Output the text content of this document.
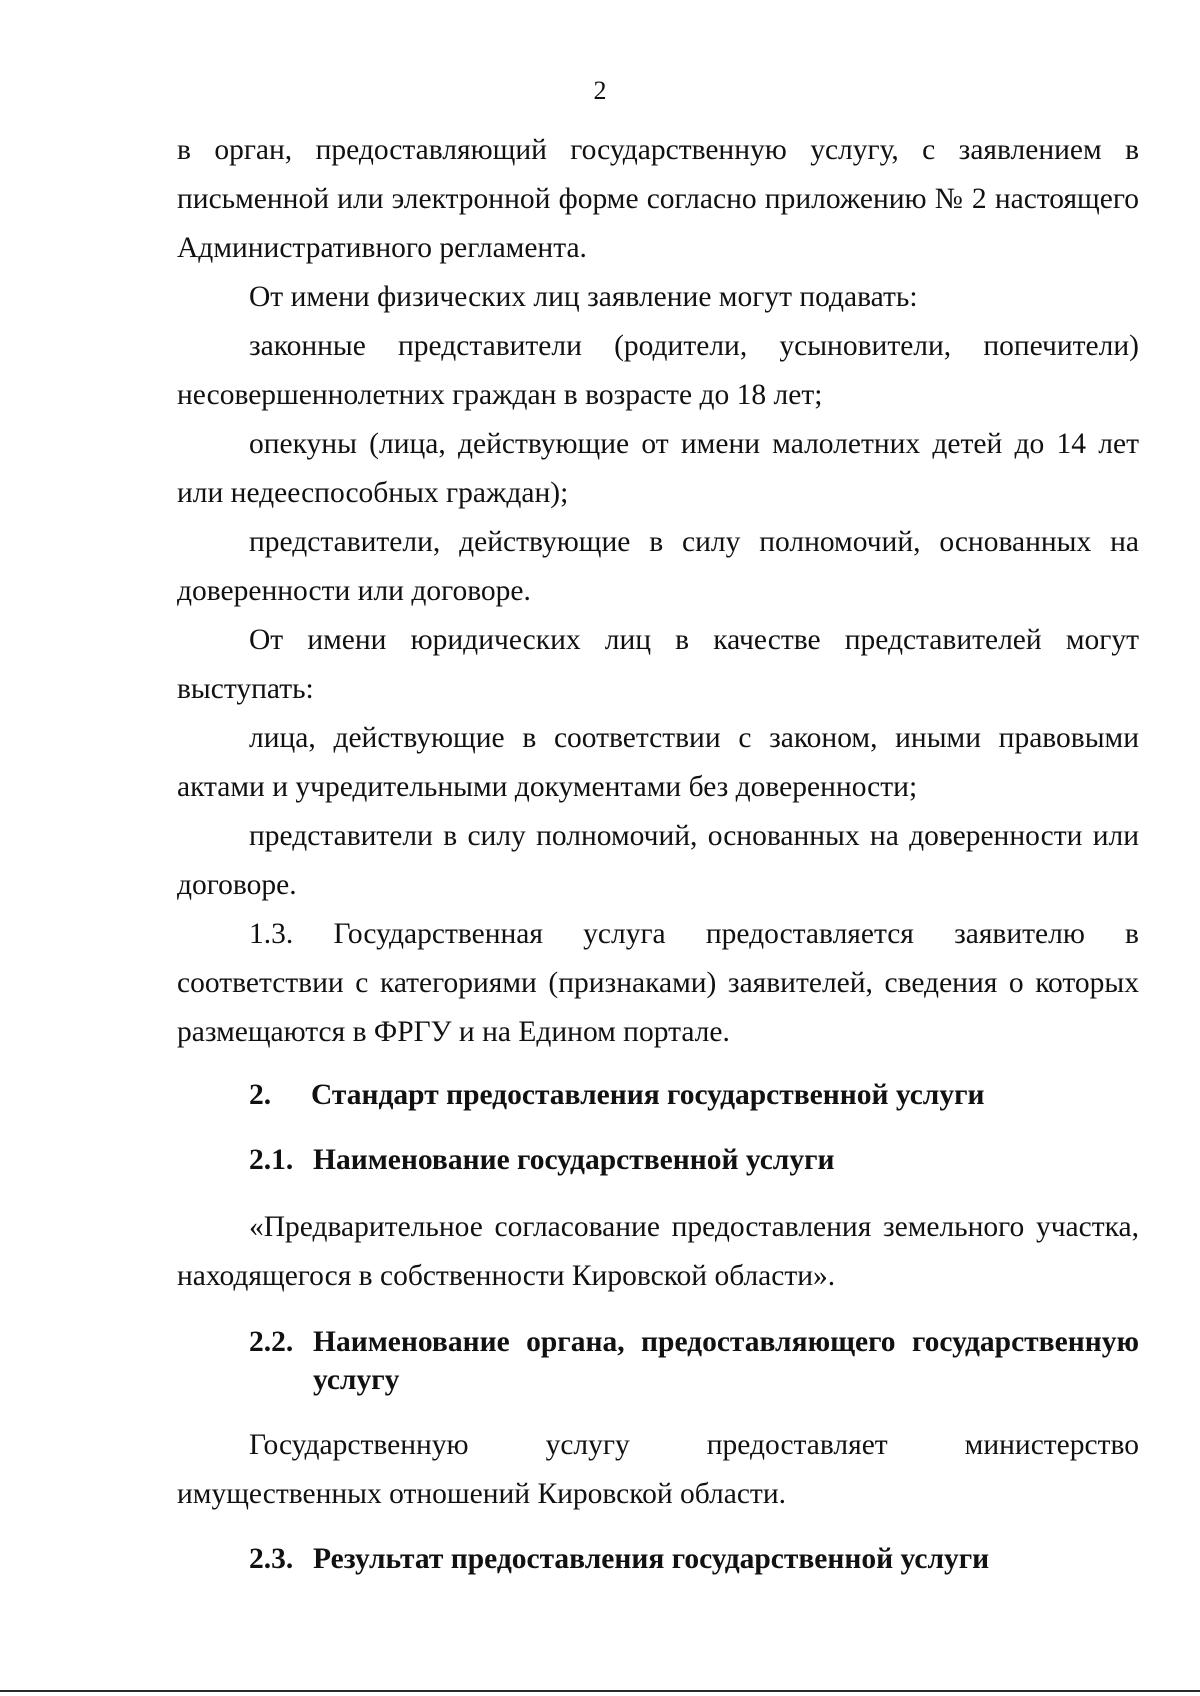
2

в орган, предоставляющий государственную услугу, с заявлением в письменной или электронной форме согласно приложению № 2 настоящего Административного регламента.

От имени физических лиц заявление могут подавать:

законные представители (родители, усыновители, попечители) несовершеннолетних граждан в возрасте до 18 лет;

опекуны (лица, действующие от имени малолетних детей до 14 лет или недееспособных граждан);

представители, действующие в силу полномочий, основанных на доверенности или договоре.

От имени юридических лиц в качестве представителей могут выступать:

лица, действующие в соответствии с законом, иными правовыми актами и учредительными документами без доверенности;

представители в силу полномочий, основанных на доверенности или договоре.

1.3. Государственная услуга предоставляется заявителю в соответствии с категориями (признаками) заявителей, сведения о которых размещаются в ФРГУ и на Едином портале.

2. Стандарт предоставления государственной услуги
2.1. Наименование государственной услуги

«Предварительное согласование предоставления земельного участка, находящегося в собственности Кировской области».

2.2. Наименование органа, предоставляющего государственную услугу

Государственную услугу предоставляет министерство имущественных отношений Кировской области.

2.3. Результат предоставления государственной услуги
